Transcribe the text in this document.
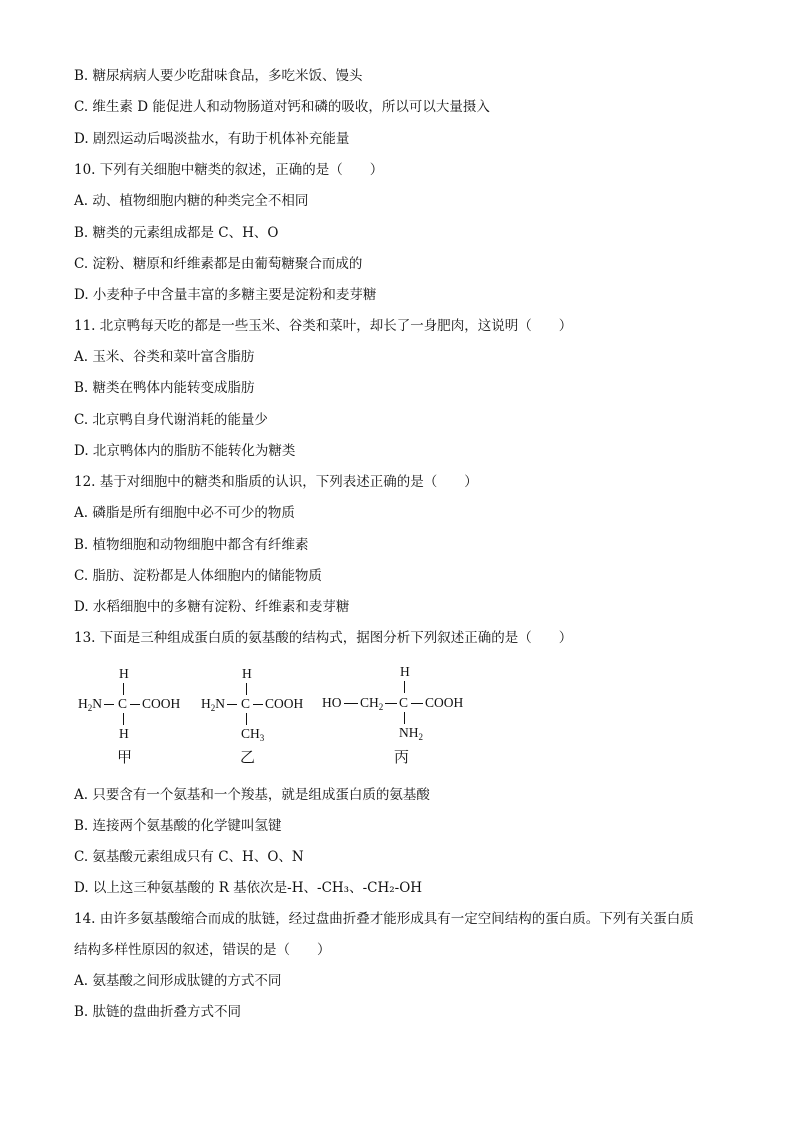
B. 糖尿病病人要少吃甜味食品，多吃米饭、馒头
C. 维生素 D 能促进人和动物肠道对钙和磷的吸收，所以可以大量摄入
D. 剧烈运动后喝淡盐水，有助于机体补充能量
10. 下列有关细胞中糖类的叙述，正确的是（　　）
A. 动、植物细胞内糖的种类完全不相同
B. 糖类的元素组成都是 C、H、O
C. 淀粉、糖原和纤维素都是由葡萄糖聚合而成的
D. 小麦种子中含量丰富的多糖主要是淀粉和麦芽糖
11. 北京鸭每天吃的都是一些玉米、谷类和菜叶，却长了一身肥肉，这说明（　　）
A. 玉米、谷类和菜叶富含脂肪
B. 糖类在鸭体内能转变成脂肪
C. 北京鸭自身代谢消耗的能量少
D. 北京鸭体内的脂肪不能转化为糖类
12. 基于对细胞中的糖类和脂质的认识，下列表述正确的是（　　）
A. 磷脂是所有细胞中必不可少的物质
B. 植物细胞和动物细胞中都含有纤维素
C. 脂肪、淀粉都是人体细胞内的储能物质
D. 水稻细胞中的多糖有淀粉、纤维素和麦芽糖
13. 下面是三种组成蛋白质的氨基酸的结构式，据图分析下列叙述正确的是（　　）
H
$H_2N$ C COOH
H
甲
H
$H_2N$ C COOH
$CH_3$
乙
H
HO $CH_2$ C COOH
$NH_2$
丙
A. 只要含有一个氨基和一个羧基，就是组成蛋白质的氨基酸
B. 连接两个氨基酸的化学键叫氢键
C. 氨基酸元素组成只有 C、H、O、N
D. 以上这三种氨基酸的 R 基依次是-H、-CH₃、-CH₂-OH
14. 由许多氨基酸缩合而成的肽链，经过盘曲折叠才能形成具有一定空间结构的蛋白质。下列有关蛋白质
结构多样性原因的叙述，错误的是（　　）
A. 氨基酸之间形成肽键的方式不同
B. 肽链的盘曲折叠方式不同
